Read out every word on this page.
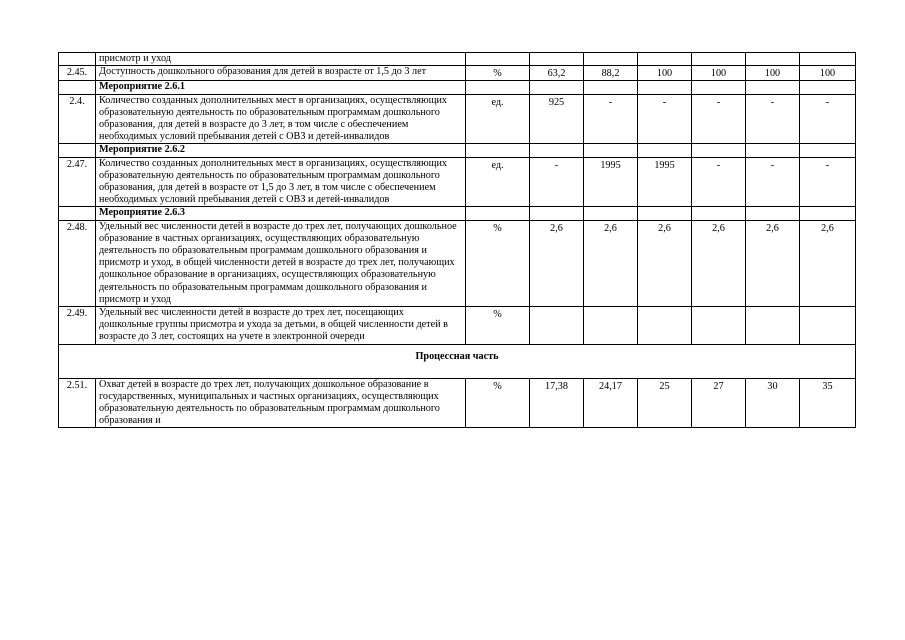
	присмотр и уход							
2.45.	Доступность дошкольного образования для детей в возрасте от 1,5 до 3 лет	%	63,2	88,2	100	100	100	100
	Мероприятие 2.6.1							
2.4.	Количество созданных дополнительных мест в организациях, осуществляющих образовательную деятельность по образовательным программам дошкольного образования, для детей в возрасте до 3 лет, в том числе с обеспечением необходимых условий пребывания детей с ОВЗ и детей-инвалидов	ед.	925	-	-	-	-	-
	Мероприятие 2.6.2							
2.47.	Количество созданных дополнительных мест в организациях, осуществляющих образовательную деятельность по образовательным программам дошкольного образования, для детей в возрасте от 1,5 до 3 лет, в том числе с обеспечением необходимых условий пребывания детей с ОВЗ и детей-инвалидов	ед.	-	1995	1995	-	-	-
	Мероприятие 2.6.3							
2.48.	Удельный вес численности детей в возрасте до трех лет, получающих дошкольное образование в частных организациях, осуществляющих образовательную деятельность по образовательным программам дошкольного образования и присмотр и уход, в общей численности детей в возрасте до трех лет, получающих дошкольное образование в организациях, осуществляющих образовательную деятельность по образовательным программам дошкольного образования и присмотр и уход	%	2,6	2,6	2,6	2,6	2,6	2,6
2.49.	Удельный вес численности детей в возрасте до трех лет, посещающих дошкольные группы присмотра и ухода за детьми, в общей численности детей в возрасте до 3 лет, состоящих на учете в электронной очереди	%						
Процессная часть								
2.51.	Охват детей в возрасте до трех лет, получающих дошкольное образование в государственных, муниципальных и частных организациях, осуществляющих образовательную деятельность по образовательным программам дошкольного образования и	%	17,38	24,17	25	27	30	35
